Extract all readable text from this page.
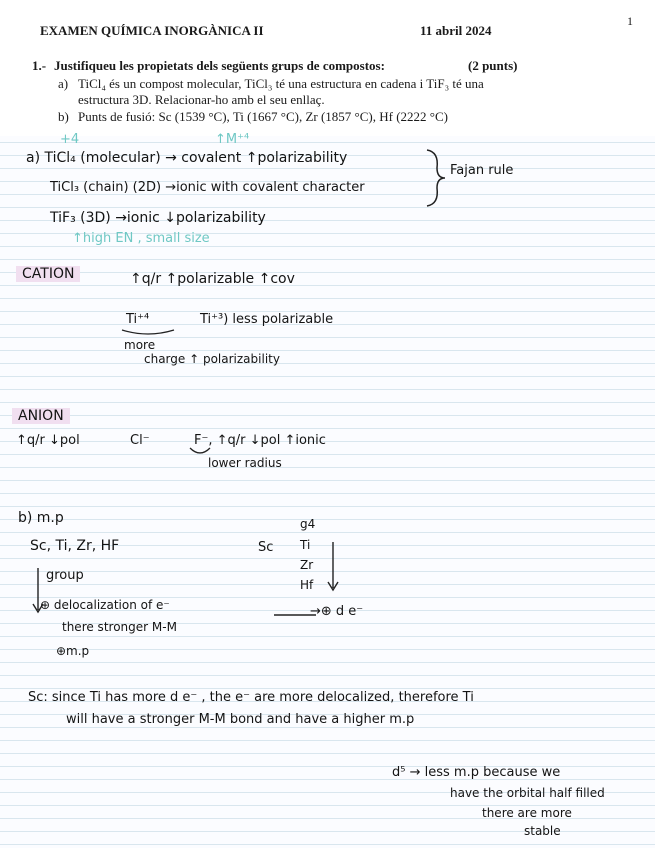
1
EXAMEN QUÍMICA INORGÀNICA II	11 abril 2024
1.- Justifiqueu les propietats dels següents grups de compostos:	(2 punts)
a) TiCl₄ és un compost molecular, TiCl₃ té una estructura en cadena i TiF₃ té una
estructura 3D. Relacionar-ho amb el seu enllaç.
b) Punts de fusió: Sc (1539 °C), Ti (1667 °C), Zr (1857 °C), Hf (2222 °C)
+4	↑M⁺⁴
a) TiCl₄ (molecular) → covalent ↑polarizability
TiCl₃ (chain) (2D) →ionic with covalent character
TiF₃ (3D) →ionic ↓polarizability
Fajan rule
↑high EN , small size
CATION	↑q/r ↑polarizable ↑cov
Ti⁺⁴	Ti⁺³) less polarizable
more
charge ↑ polarizability
ANION
↑q/r ↓pol	Cl⁻	F⁻, ↑q/r ↓pol ↑ionic
lower radius
b) m.p
Sc, Ti, Zr, HF
group
⊕ delocalization of e⁻
there stronger M-M
⊕m.p
Sc
g4
Ti
Zr
Hf
→⊕ d e⁻
Sc: since Ti has more d e⁻ , the e⁻ are more delocalized, therefore Ti
will have a stronger M-M bond and have a higher m.p
d⁵ → less m.p because we
have the orbital half filled
there are more
stable
